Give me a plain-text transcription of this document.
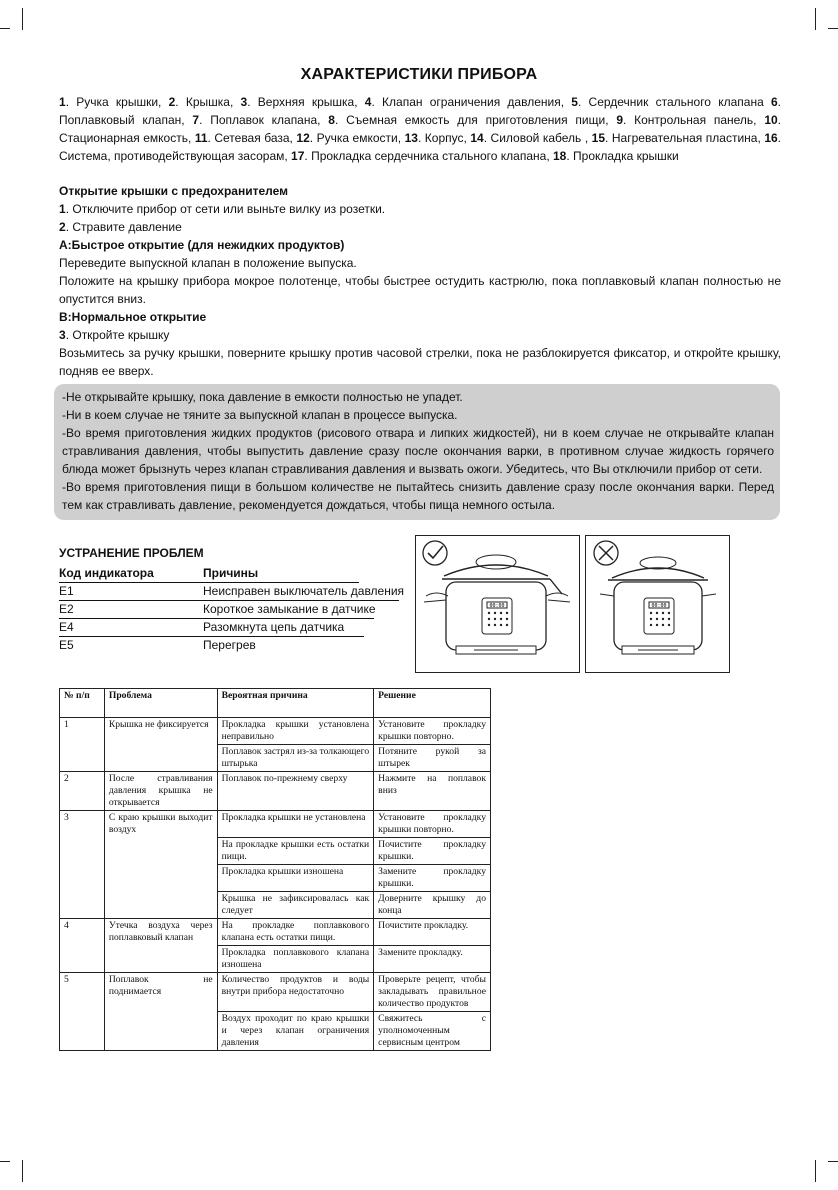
ХАРАКТЕРИСТИКИ ПРИБОРА

1. Ручка крышки, 2. Крышка, 3. Верхняя крышка, 4. Клапан ограничения давления, 5. Сердечник стального клапана 6. Поплавковый клапан, 7. Поплавок клапана, 8. Съемная емкость для приготовления пищи, 9. Контрольная панель, 10. Стационарная емкость, 11. Сетевая база, 12. Ручка емкости, 13. Корпус, 14. Силовой кабель , 15. Нагревательная пластина, 16. Система, противодействующая засорам, 17. Прокладка сердечника стального клапана, 18. Прокладка крышки

Открытие крышки с предохранителем

1. Отключите прибор от сети или выньте вилку из розетки.

2. Стравите давление

А:Быстрое открытие (для нежидких продуктов)

Переведите выпускной клапан в положение выпуска.

Положите на крышку прибора мокрое полотенце, чтобы быстрее остудить кастрюлю, пока поплавковый клапан полностью не опустится вниз.

В:Нормальное открытие

3. Откройте крышку

Возьмитесь за ручку крышки, поверните крышку против часовой стрелки, пока не разблокируется фиксатор, и откройте крышку, подняв ее вверх.

-Не открывайте крышку, пока давление в емкости полностью не упадет.

-Ни в коем случае не тяните за выпускной клапан в процессе выпуска.

-Во время приготовления жидких продуктов (рисового отвара и липких жидкостей), ни в коем случае не открывайте клапан стравливания давления, чтобы выпустить давление сразу после окончания варки, в противном случае жидкость горячего блюда может брызнуть через клапан стравливания давления и вызвать ожоги. Убедитесь, что Вы отключили прибор от сети.

-Во время приготовления пищи в большом количестве не пытайтесь снизить давление сразу после окончания варки. Перед тем как стравливать давление, рекомендуется дождаться, чтобы пища немного остыла.

УСТРАНЕНИЕ ПРОБЛЕМ
Код индикатора	Причины
E1	Неисправен выключатель давления
E2	Короткое замыкание в датчике
E4	Разомкнута цепь датчика
E5	Перегрев
00:00	00:00
№ п/п	Проблема	Вероятная причина	Решение
1	Крышка не фиксируется	Прокладка крышки установлена неправильно	Установите прокладку крышки повторно.
		Поплавок застрял из-за толкающего штырька	Потяните рукой за штырек
2	После стравливания давления крышка не открывается	Поплавок по-прежнему сверху	Нажмите на поплавок вниз
3	С краю крышки выходит воздух	Прокладка крышки не установлена	Установите прокладку крышки повторно.
		На прокладке крышки есть остатки пищи.	Почистите прокладку крышки.
		Прокладка крышки изношена	Замените прокладку крышки.
		Крышка не зафиксировалась как следует	Доверните крышку до конца
4	Утечка воздуха через поплавковый клапан	На прокладке поплавкового клапана есть остатки пищи.	Почистите прокладку.
		Прокладка поплавкового клапана изношена	Замените прокладку.
5	Поплавок не поднимается	Количество продуктов и воды внутри прибора недостаточно	Проверьте рецепт, чтобы закладывать правильное количество продуктов
		Воздух проходит по краю крышки и через клапан ограничения давления	Свяжитесь с уполномоченным сервисным центром
